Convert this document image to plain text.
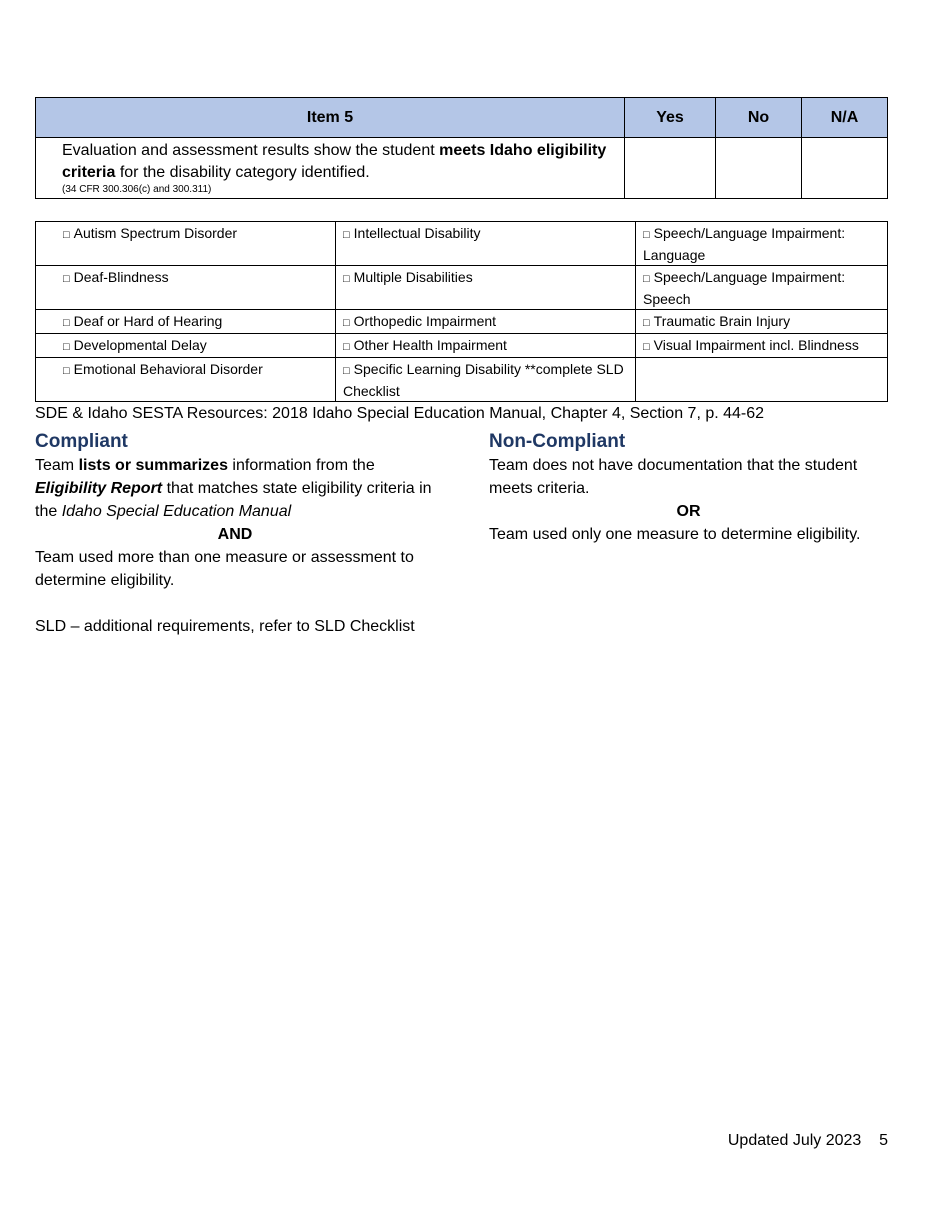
Item 5	Yes	No	N/A

Evaluation and assessment results show the student meets Idaho eligibility criteria for the disability category identified.
(34 CFR 300.306(c) and 300.311)			

□ Autism Spectrum Disorder	□ Intellectual Disability	□ Speech/Language Impairment: Language
□ Deaf-Blindness	□ Multiple Disabilities	□ Speech/Language Impairment: Speech
□ Deaf or Hard of Hearing	□ Orthopedic Impairment	□ Traumatic Brain Injury
□ Developmental Delay	□ Other Health Impairment	□ Visual Impairment incl. Blindness
□ Emotional Behavioral Disorder	□ Specific Learning Disability **complete SLD Checklist	
SDE & Idaho SESTA Resources: 2018 Idaho Special Education Manual, Chapter 4, Section 7, p. 44-62
Compliant
Team lists or summarizes information from the Eligibility Report that matches state eligibility criteria in the Idaho Special Education Manual
AND
Team used more than one measure or assessment to determine eligibility.
SLD – additional requirements, refer to SLD Checklist
Non-Compliant
Team does not have documentation that the student meets criteria.
OR
Team used only one measure to determine eligibility.
Updated July 2023 5
